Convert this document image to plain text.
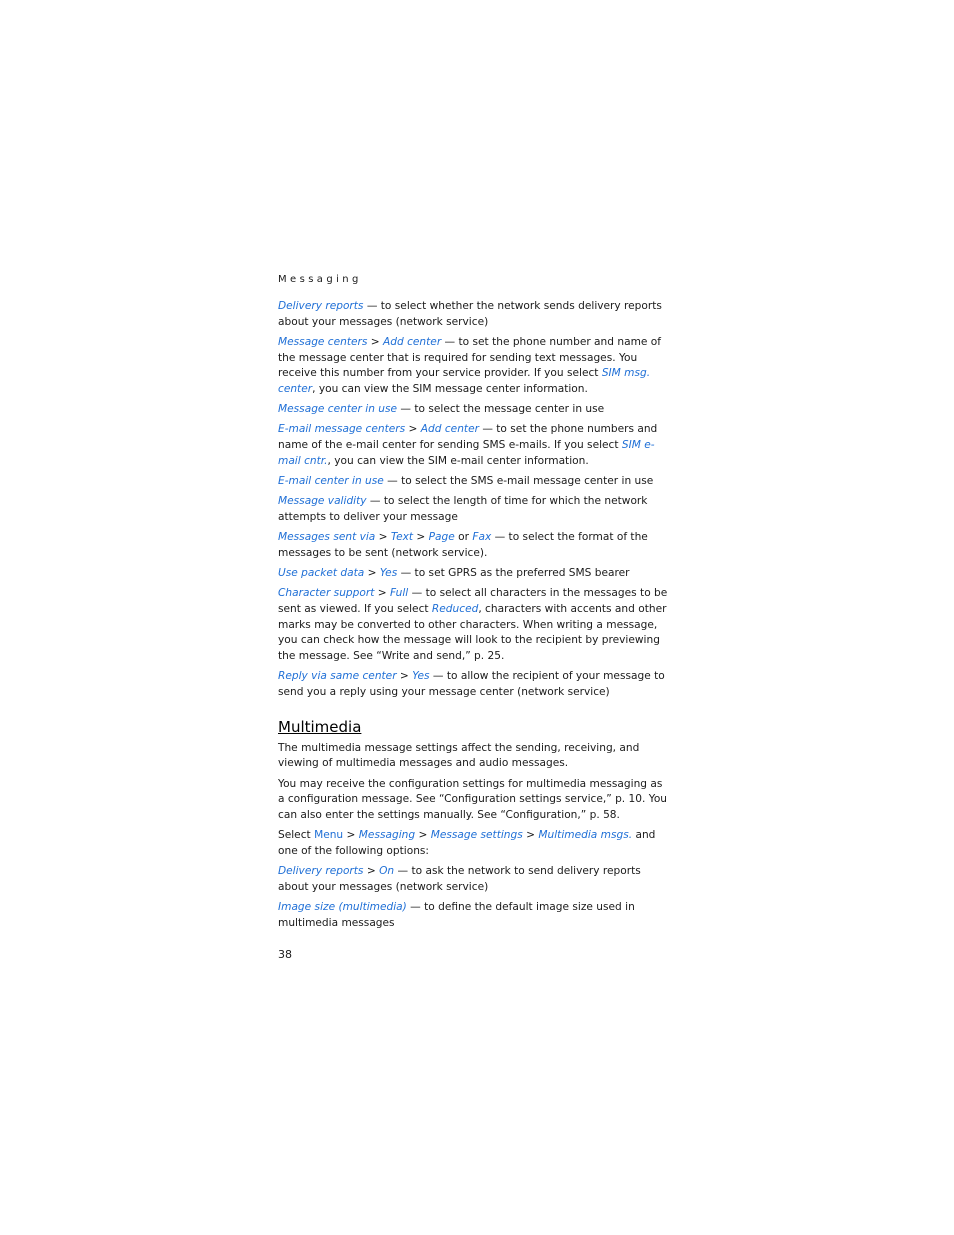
Messaging

Delivery reports — to select whether the network sends delivery reports about your messages (network service)

Message centers > Add center — to set the phone number and name of the message center that is required for sending text messages. You receive this number from your service provider. If you select SIM msg. center, you can view the SIM message center information.

Message center in use — to select the message center in use

E-mail message centers > Add center — to set the phone numbers and name of the e-mail center for sending SMS e-mails. If you select SIM e-mail cntr., you can view the SIM e-mail center information.

E-mail center in use — to select the SMS e-mail message center in use

Message validity — to select the length of time for which the network attempts to deliver your message

Messages sent via > Text > Page or Fax — to select the format of the messages to be sent (network service).

Use packet data > Yes — to set GPRS as the preferred SMS bearer

Character support > Full — to select all characters in the messages to be sent as viewed. If you select Reduced, characters with accents and other marks may be converted to other characters. When writing a message, you can check how the message will look to the recipient by previewing the message. See “Write and send,” p. 25.

Reply via same center > Yes — to allow the recipient of your message to send you a reply using your message center (network service)

Multimedia

The multimedia message settings affect the sending, receiving, and viewing of multimedia messages and audio messages.

You may receive the configuration settings for multimedia messaging as a configuration message. See “Configuration settings service,” p. 10. You can also enter the settings manually. See “Configuration,” p. 58.

Select Menu > Messaging > Message settings > Multimedia msgs. and one of the following options:

Delivery reports > On — to ask the network to send delivery reports about your messages (network service)

Image size (multimedia) — to define the default image size used in multimedia messages

38
